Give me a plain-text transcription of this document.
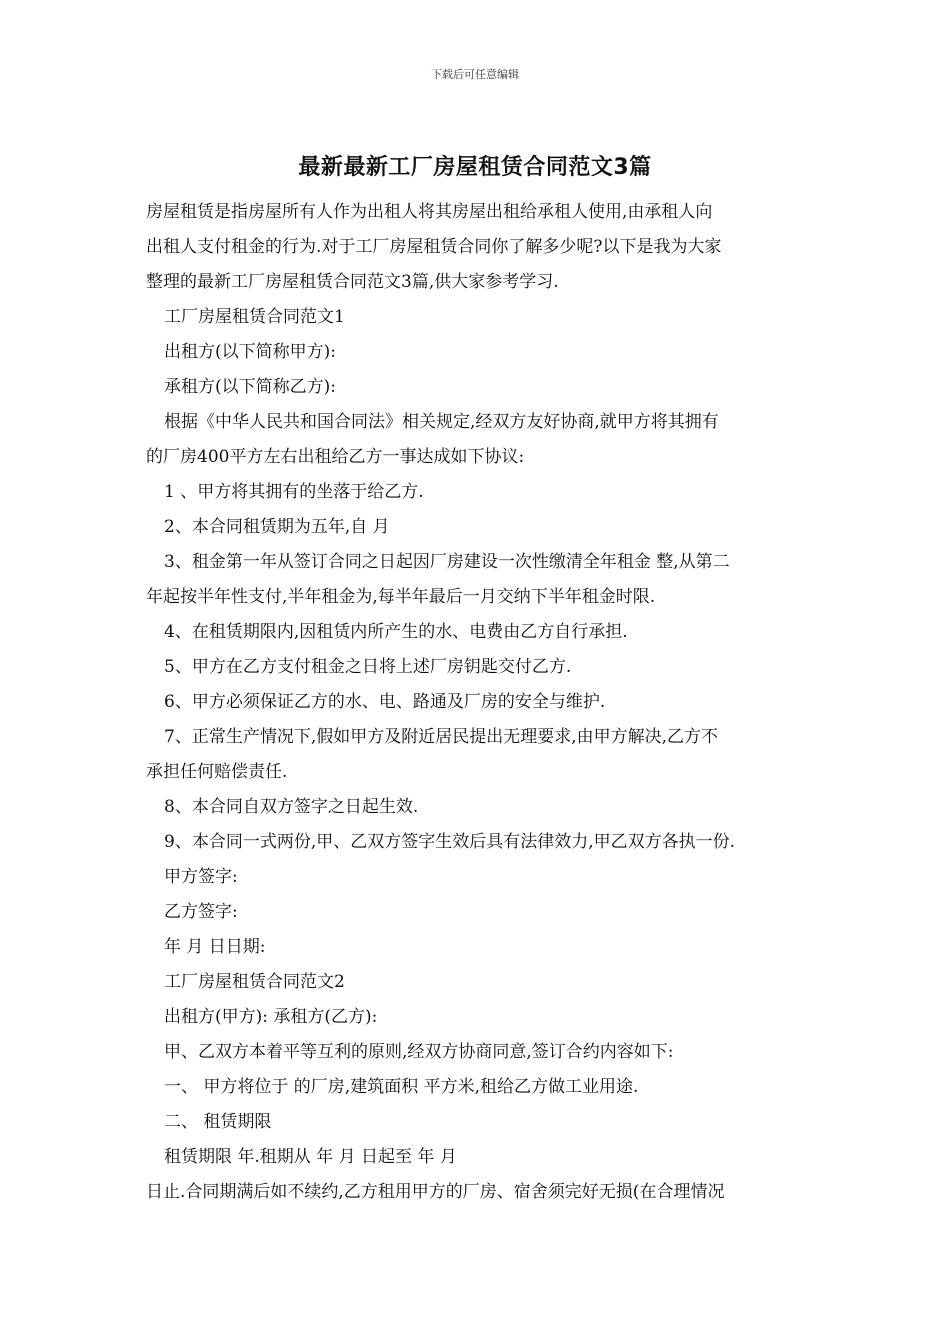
下载后可任意编辑
最新最新工厂房屋租赁合同范文3篇
房屋租赁是指房屋所有人作为出租人将其房屋出租给承租人使用,由承租人向
出租人支付租金的行为.对于工厂房屋租赁合同你了解多少呢?以下是我为大家
整理的最新工厂房屋租赁合同范文3篇,供大家参考学习.
工厂房屋租赁合同范文1
出租方(以下简称甲方):
承租方(以下简称乙方):
根据《中华人民共和国合同法》相关规定,经双方友好协商,就甲方将其拥有
的厂房400平方左右出租给乙方一事达成如下协议:
1 、甲方将其拥有的坐落于给乙方.
2、本合同租赁期为五年,自 月
3、租金第一年从签订合同之日起因厂房建设一次性缴清全年租金 整,从第二
年起按半年性支付,半年租金为,每半年最后一月交纳下半年租金时限.
4、在租赁期限内,因租赁内所产生的水、电费由乙方自行承担.
5、甲方在乙方支付租金之日将上述厂房钥匙交付乙方.
6、甲方必须保证乙方的水、电、路通及厂房的安全与维护.
7、正常生产情况下,假如甲方及附近居民提出无理要求,由甲方解决,乙方不
承担任何赔偿责任.
8、本合同自双方签字之日起生效.
9、本合同一式两份,甲、乙双方签字生效后具有法律效力,甲乙双方各执一份.
甲方签字:
乙方签字:
年 月 日日期:
工厂房屋租赁合同范文2
出租方(甲方): 承租方(乙方):
甲、乙双方本着平等互利的原则,经双方协商同意,签订合约内容如下:
一、 甲方将位于 的厂房,建筑面积 平方米,租给乙方做工业用途.
二、 租赁期限
租赁期限 年.租期从 年 月 日起至 年 月
日止.合同期满后如不续约,乙方租用甲方的厂房、宿舍须完好无损(在合理情况
